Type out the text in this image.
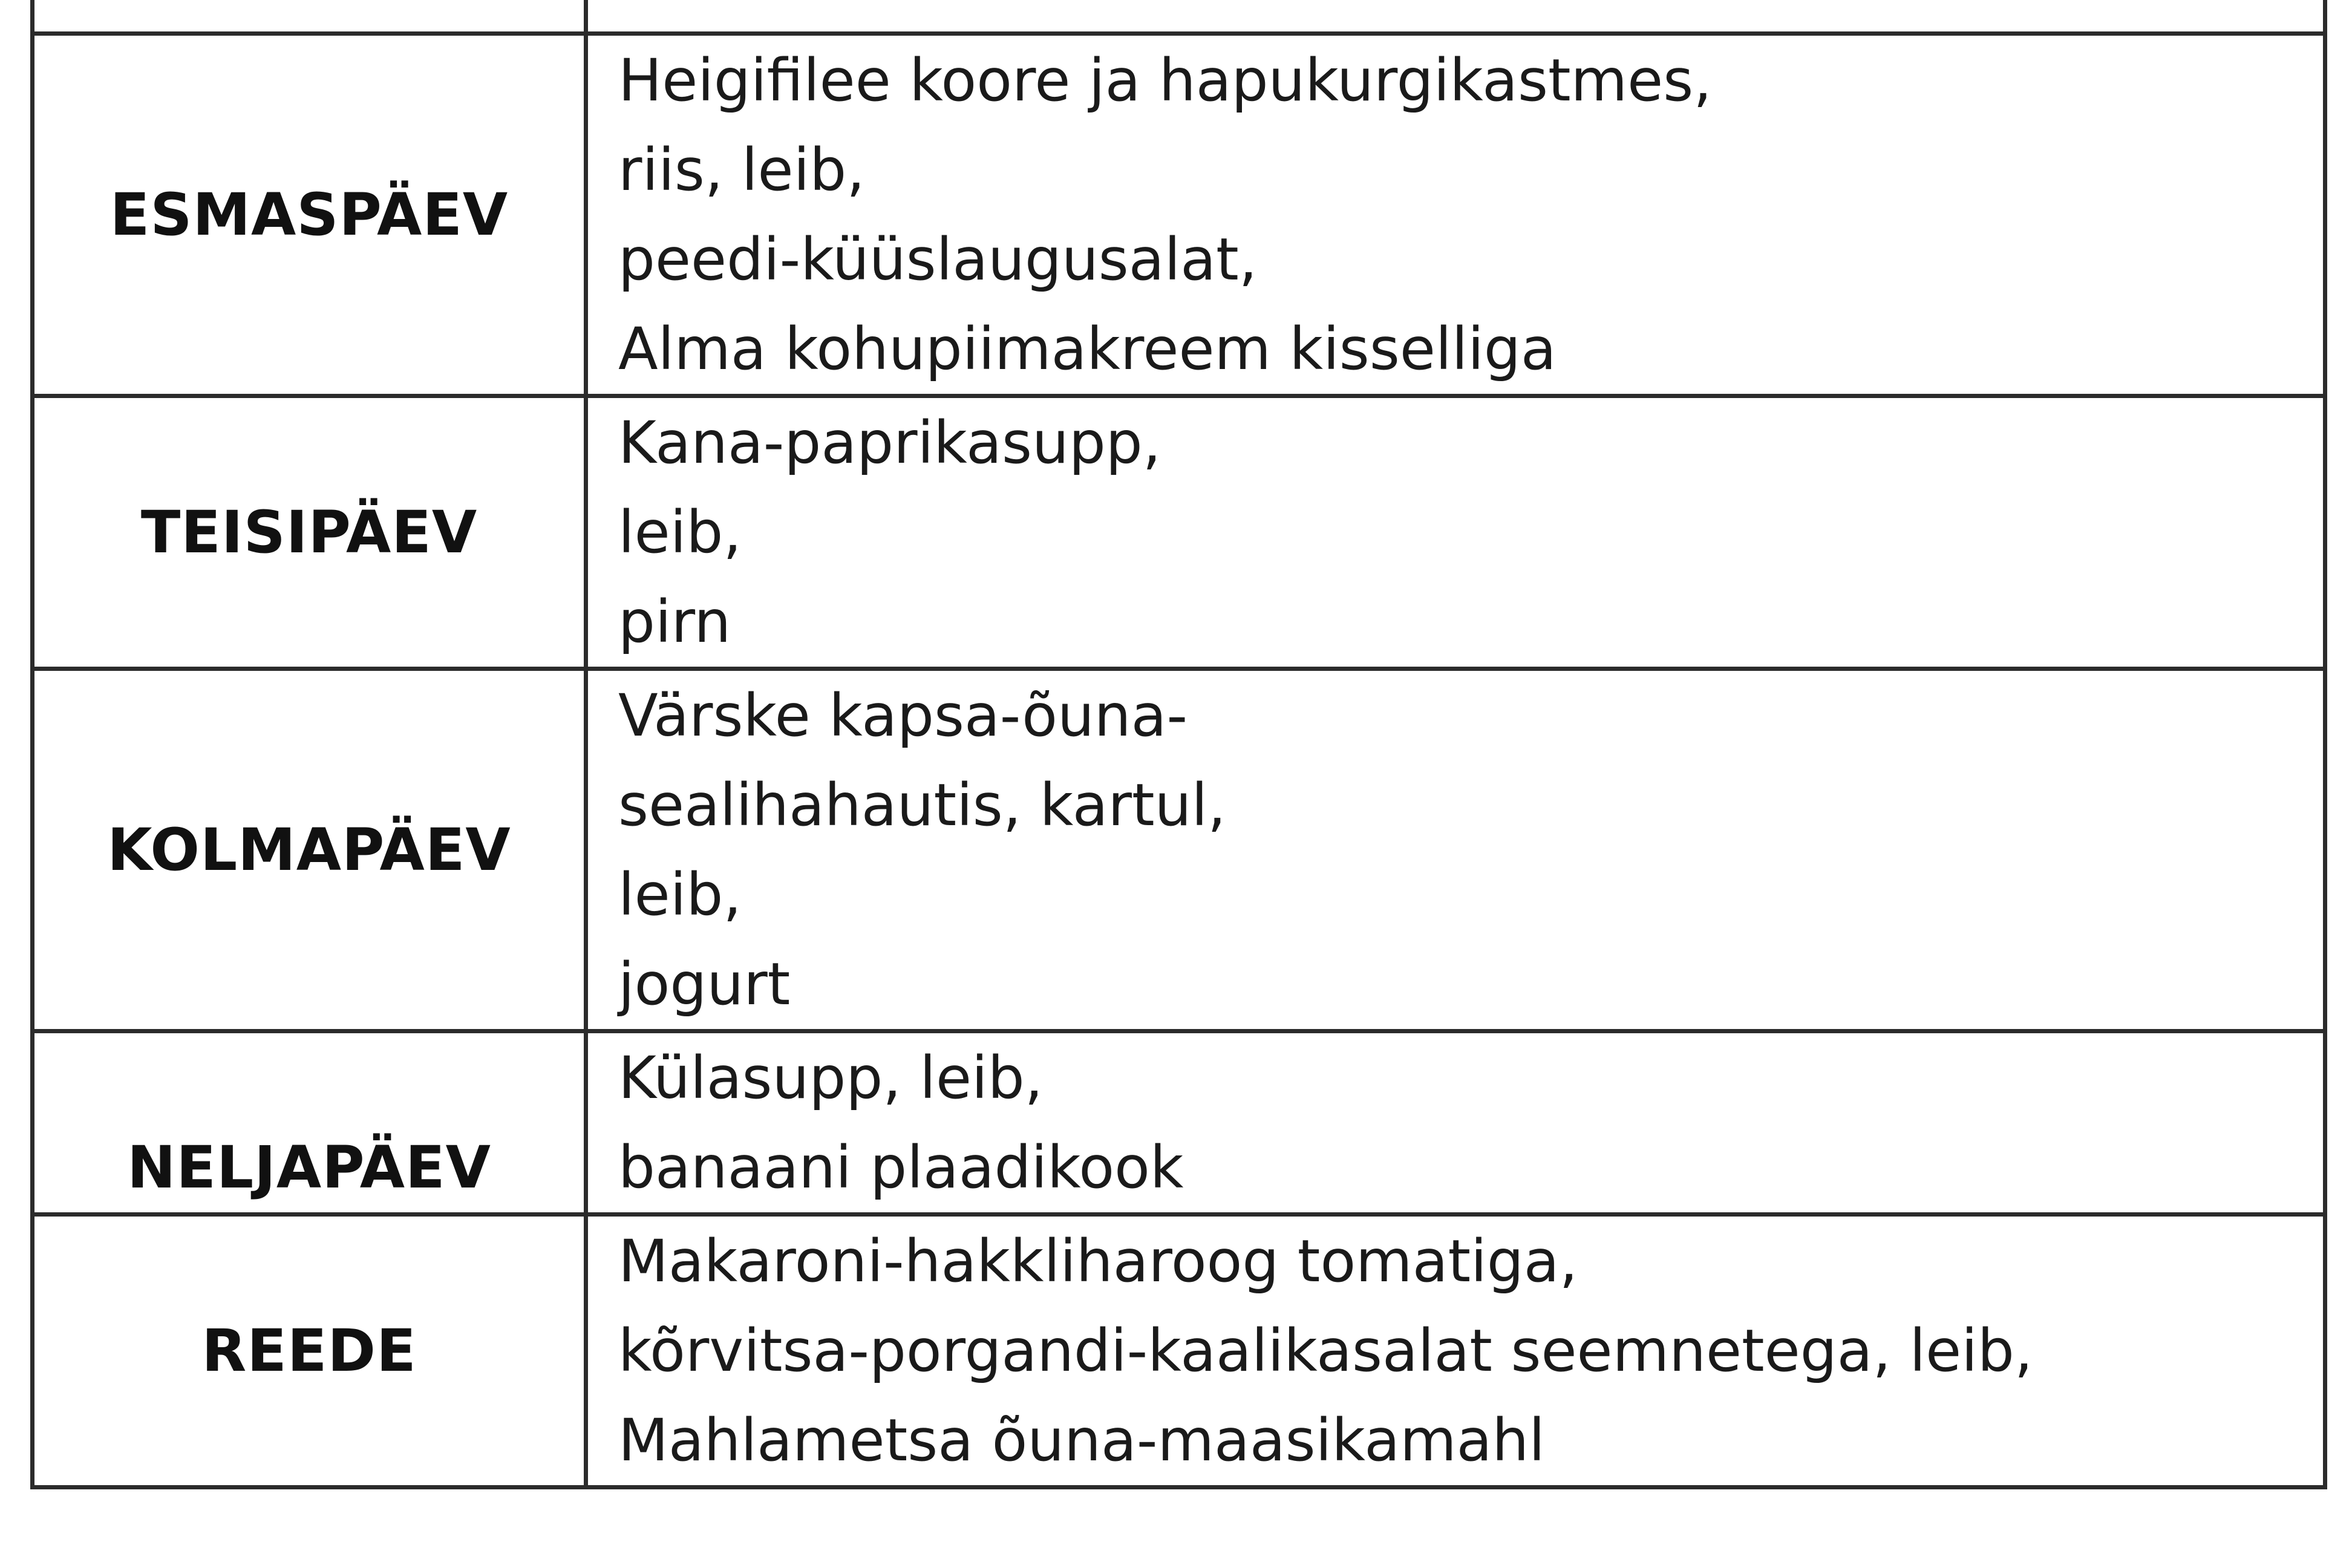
ESMASPÄEV	Heigifilee koore ja hapukurgikastmes,
riis, leib,
peedi-küüslaugusalat,
Alma kohupiimakreem kisselliga

TEISIPÄEV	Kana-paprikasupp,
leib,
pirn

KOLMAPÄEV	Värske kapsa-õuna-
sealihahautis, kartul,
leib,
jogurt

NELJAPÄEV	Külasupp, leib,
banaani plaadikook

REEDE	Makaroni-hakkliharoog tomatiga,
kõrvitsa-porgandi-kaalikasalat seemnetega, leib,
Mahlametsa õuna-maasikamahl
